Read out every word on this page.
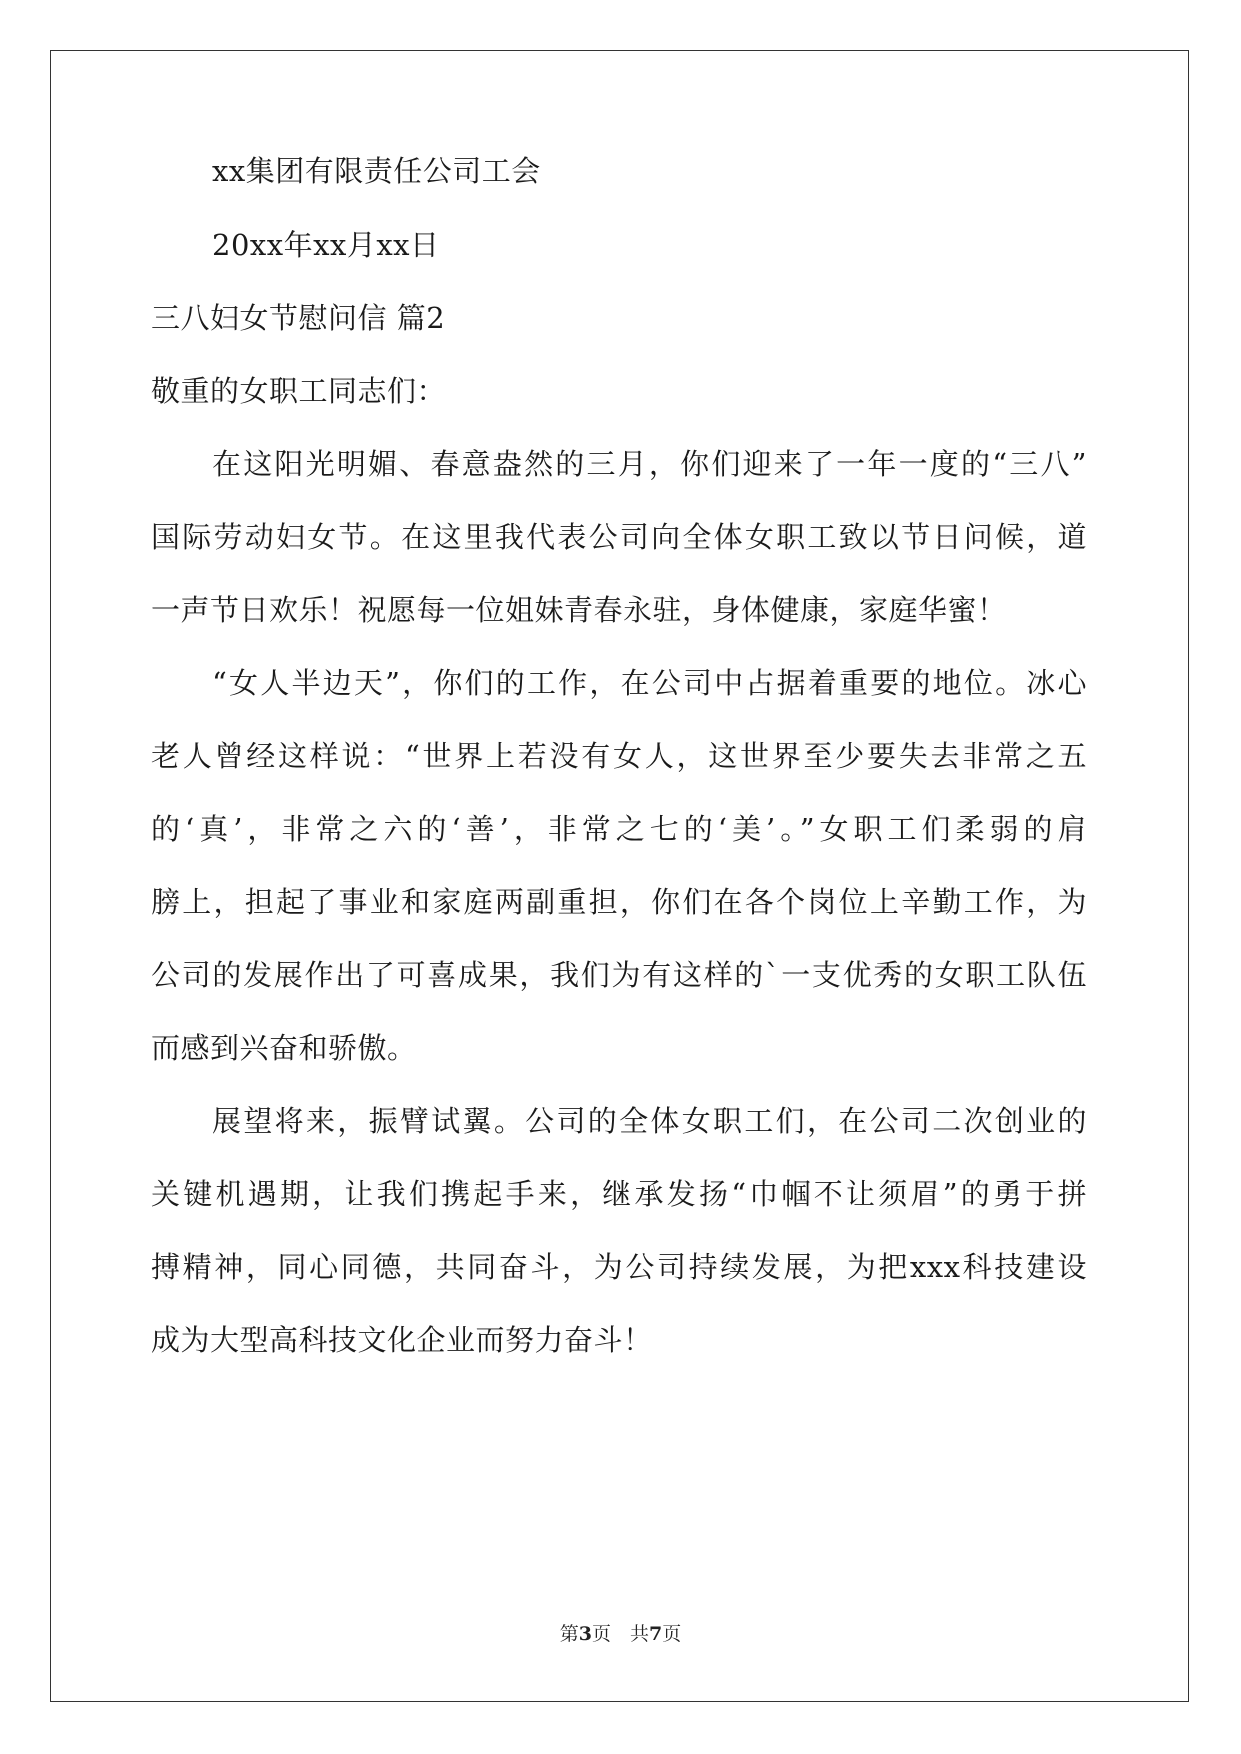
xx集团有限责任公司工会
20xx年xx月xx日
三八妇女节慰问信 篇2
敬重的女职工同志们：
在这阳光明媚、春意盎然的三月，你们迎来了一年一度的“三八”
国际劳动妇女节。在这里我代表公司向全体女职工致以节日问候，道
一声节日欢乐！祝愿每一位姐妹青春永驻，身体健康，家庭华蜜！
“女人半边天”，你们的工作，在公司中占据着重要的地位。冰心
老人曾经这样说：“世界上若没有女人，这世界至少要失去非常之五
的‘真’，非常之六的‘善’，非常之七的‘美’。”女职工们柔弱的肩
膀上，担起了事业和家庭两副重担，你们在各个岗位上辛勤工作，为
公司的发展作出了可喜成果，我们为有这样的`一支优秀的女职工队伍
而感到兴奋和骄傲。
展望将来，振臂试翼。公司的全体女职工们，在公司二次创业的
关键机遇期，让我们携起手来，继承发扬“巾帼不让须眉”的勇于拼
搏精神，同心同德，共同奋斗，为公司持续发展，为把xxx科技建设
成为大型高科技文化企业而努力奋斗！
第3页　共7页
